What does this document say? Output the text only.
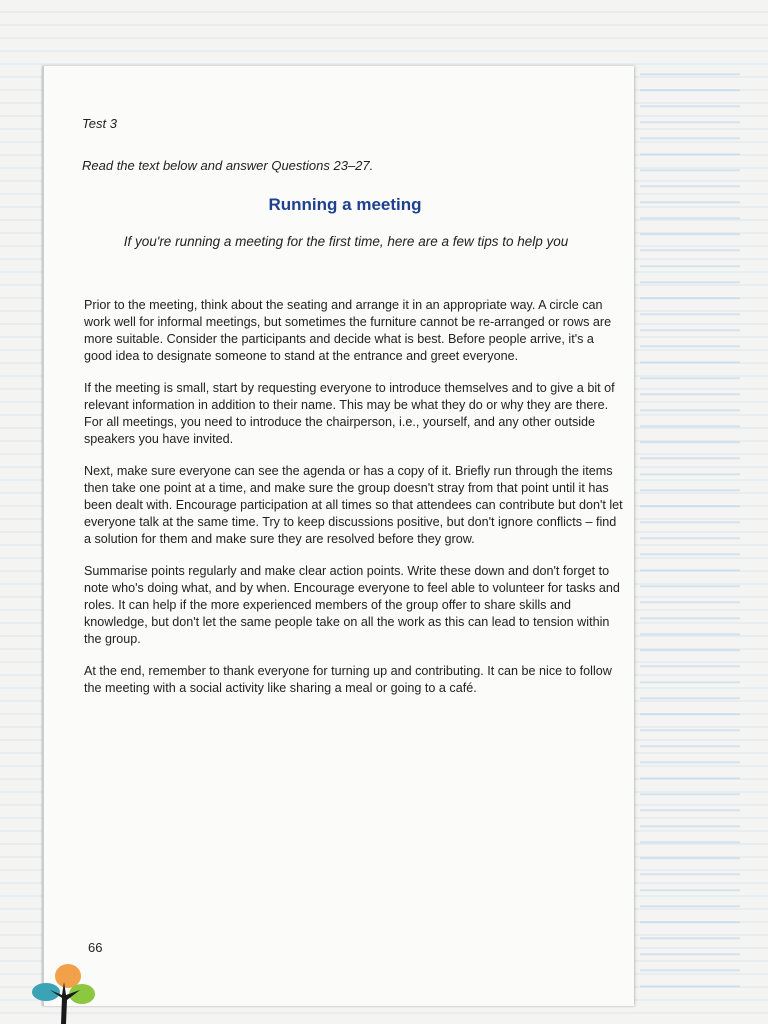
Test 3
Read the text below and answer Questions 23–27.
Running a meeting
If you're running a meeting for the first time, here are a few tips to help you

Prior to the meeting, think about the seating and arrange it in an appropriate way. A circle can work well for informal meetings, but sometimes the furniture cannot be re-arranged or rows are more suitable. Consider the participants and decide what is best. Before people arrive, it's a good idea to designate someone to stand at the entrance and greet everyone.

If the meeting is small, start by requesting everyone to introduce themselves and to give a bit of relevant information in addition to their name. This may be what they do or why they are there. For all meetings, you need to introduce the chairperson, i.e., yourself, and any other outside speakers you have invited.

Next, make sure everyone can see the agenda or has a copy of it. Briefly run through the items then take one point at a time, and make sure the group doesn't stray from that point until it has been dealt with. Encourage participation at all times so that attendees can contribute but don't let everyone talk at the same time. Try to keep discussions positive, but don't ignore conflicts – find a solution for them and make sure they are resolved before they grow.

Summarise points regularly and make clear action points. Write these down and don't forget to note who's doing what, and by when. Encourage everyone to feel able to volunteer for tasks and roles. It can help if the more experienced members of the group offer to share skills and knowledge, but don't let the same people take on all the work as this can lead to tension within the group.

At the end, remember to thank everyone for turning up and contributing. It can be nice to follow the meeting with a social activity like sharing a meal or going to a café.

66
